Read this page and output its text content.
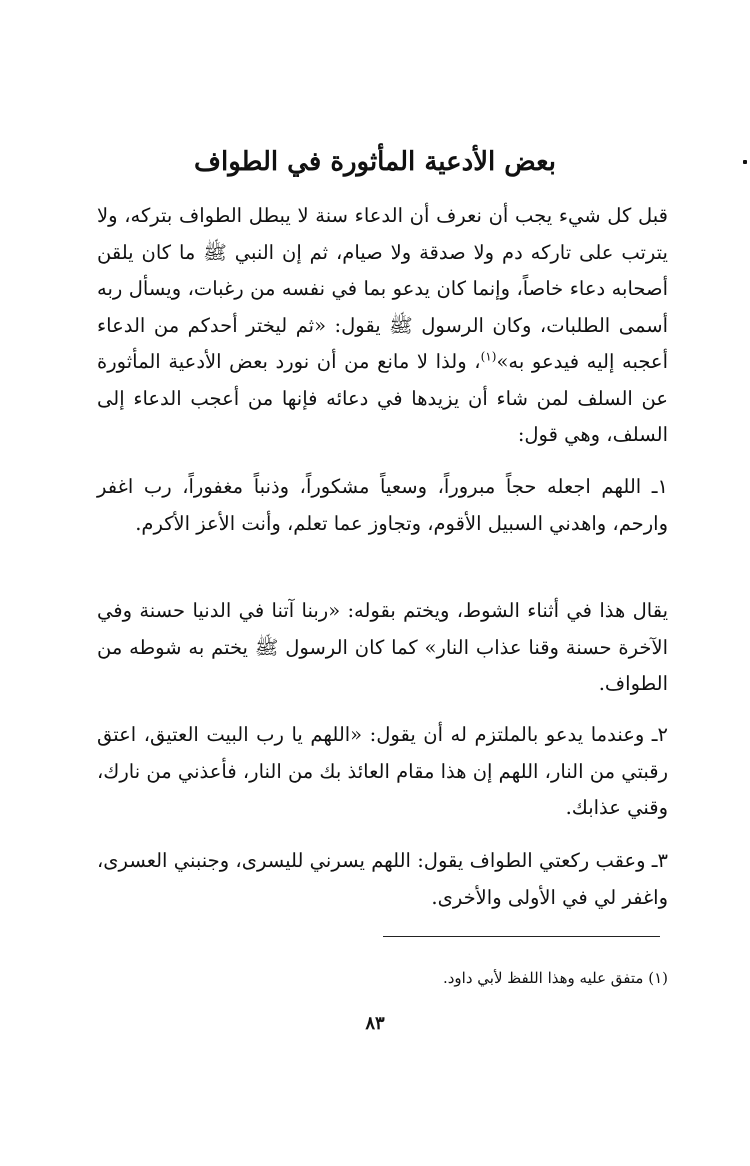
بعض الأدعية المأثورة في الطواف

قبل كل شيء يجب أن نعرف أن الدعاء سنة لا يبطل الطواف بتركه، ولا يترتب على تاركه دم ولا صدقة ولا صيام، ثم إن النبي ﷺ ما كان يلقن أصحابه دعاء خاصاً، وإنما كان يدعو بما في نفسه من رغبات، ويسأل ربه أسمى الطلبات، وكان الرسول ﷺ يقول: «ثم ليختر أحدكم من الدعاء أعجبه إليه فيدعو به»$^{(١)}$، ولذا لا مانع من أن نورد بعض الأدعية المأثورة عن السلف لمن شاء أن يزيدها في دعائه فإنها من أعجب الدعاء إلى السلف، وهي قول:

١ـ اللهم اجعله حجاً مبروراً، وسعياً مشكوراً، وذنباً مغفوراً، رب اغفر وارحم، واهدني السبيل الأقوم، وتجاوز عما تعلم، وأنت الأعز الأكرم.

يقال هذا في أثناء الشوط، ويختم بقوله: «ربنا آتنا في الدنيا حسنة وفي الآخرة حسنة وقنا عذاب النار» كما كان الرسول ﷺ يختم به شوطه من الطواف.

٢ـ وعندما يدعو بالملتزم له أن يقول: «اللهم يا رب البيت العتيق، اعتق رقبتي من النار، اللهم إن هذا مقام العائذ بك من النار، فأعذني من نارك، وقني عذابك.

٣ـ وعقب ركعتي الطواف يقول: اللهم يسرني لليسرى، وجنبني العسرى، واغفر لي في الأولى والأخرى.

(١) متفق عليه وهذا اللفظ لأبي داود.

٨٣
